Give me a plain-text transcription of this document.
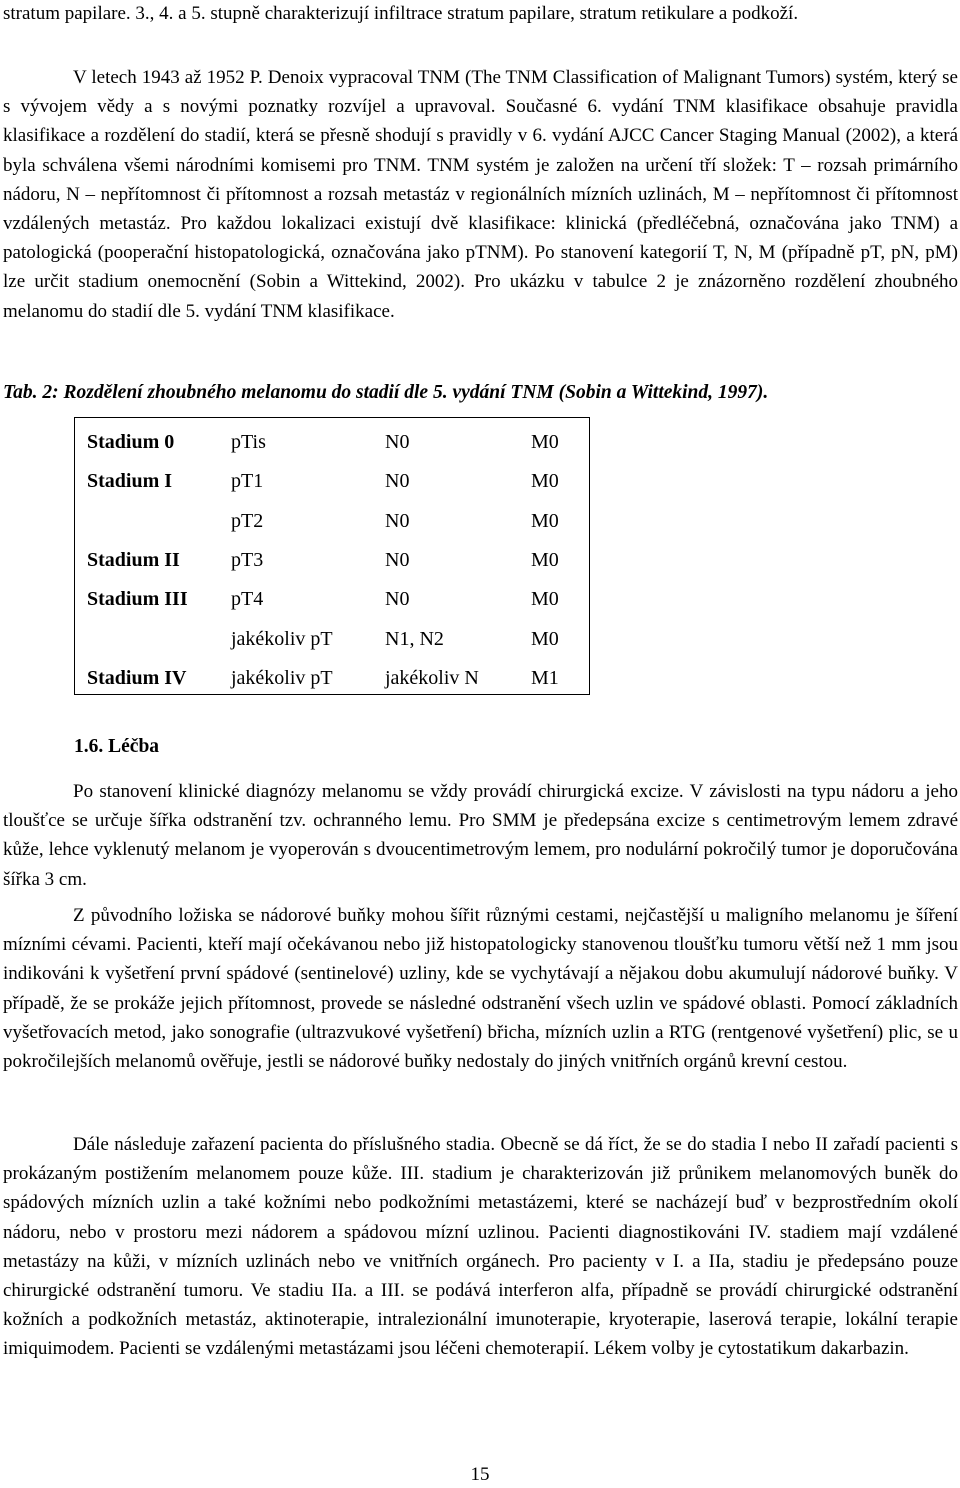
stratum papilare. 3., 4. a 5. stupně charakterizují infiltrace stratum papilare, stratum retikulare a podkoží.

V letech 1943 až 1952 P. Denoix vypracoval TNM (The TNM Classification of Malignant Tumors) systém, který se s vývojem vědy a s novými poznatky rozvíjel a upravoval. Současné 6. vydání TNM klasifikace obsahuje pravidla klasifikace a rozdělení do stadií, která se přesně shodují s pravidly v 6. vydání AJCC Cancer Staging Manual (2002), a která byla schválena všemi národními komisemi pro TNM. TNM systém je založen na určení tří složek: T – rozsah primárního nádoru, N – nepřítomnost či přítomnost a rozsah metastáz v regionálních mízních uzlinách, M – nepřítomnost či přítomnost vzdálených metastáz. Pro každou lokalizaci existují dvě klasifikace: klinická (předléčebná, označována jako TNM) a patologická (pooperační histopatologická, označována jako pTNM). Po stanovení kategorií T, N, M (případně pT, pN, pM) lze určit stadium onemocnění (Sobin a Wittekind, 2002). Pro ukázku v tabulce 2 je znázorněno rozdělení zhoubného melanomu do stadií dle 5. vydání TNM klasifikace.

Tab. 2: Rozdělení zhoubného melanomu do stadií dle 5. vydání TNM (Sobin a Wittekind, 1997).

Stadium 0	pTis	N0	M0
Stadium I	pT1	N0	M0
	pT2	N0	M0
Stadium II	pT3	N0	M0
Stadium III	pT4	N0	M0
	jakékoliv pT	N1, N2	M0
Stadium IV	jakékoliv pT	jakékoliv N	M1
1.6. Léčba

Po stanovení klinické diagnózy melanomu se vždy provádí chirurgická excize. V závislosti na typu nádoru a jeho tloušťce se určuje šířka odstranění tzv. ochranného lemu. Pro SMM je předepsána excize s centimetrovým lemem zdravé kůže, lehce vyklenutý melanom je vyoperován s dvoucentimetrovým lemem, pro nodulární pokročilý tumor je doporučována šířka 3 cm.

Z původního ložiska se nádorové buňky mohou šířit různými cestami, nejčastější u maligního melanomu je šíření mízními cévami. Pacienti, kteří mají očekávanou nebo již histopatologicky stanovenou tloušťku tumoru větší než 1 mm jsou indikováni k vyšetření první spádové (sentinelové) uzliny, kde se vychytávají a nějakou dobu akumulují nádorové buňky. V případě, že se prokáže jejich přítomnost, provede se následné odstranění všech uzlin ve spádové oblasti. Pomocí základních vyšetřovacích metod, jako sonografie (ultrazvukové vyšetření) břicha, mízních uzlin a RTG (rentgenové vyšetření) plic, se u pokročilejších melanomů ověřuje, jestli se nádorové buňky nedostaly do jiných vnitřních orgánů krevní cestou.

Dále následuje zařazení pacienta do příslušného stadia. Obecně se dá říct, že se do stadia I nebo II zařadí pacienti s prokázaným postižením melanomem pouze kůže. III. stadium je charakterizován již průnikem melanomových buněk do spádových mízních uzlin a také kožními nebo podkožními metastázemi, které se nacházejí buď v bezprostředním okolí nádoru, nebo v prostoru mezi nádorem a spádovou mízní uzlinou. Pacienti diagnostikováni IV. stadiem mají vzdálené metastázy na kůži, v mízních uzlinách nebo ve vnitřních orgánech. Pro pacienty v I. a IIa, stadiu je předepsáno pouze chirurgické odstranění tumoru. Ve stadiu IIa. a III. se podává interferon alfa, případně se provádí chirurgické odstranění kožních a podkožních metastáz, aktinoterapie, intralezionální imunoterapie, kryoterapie, laserová terapie, lokální terapie imiquimodem. Pacienti se vzdálenými metastázami jsou léčeni chemoterapií. Lékem volby je cytostatikum dakarbazin.

15
